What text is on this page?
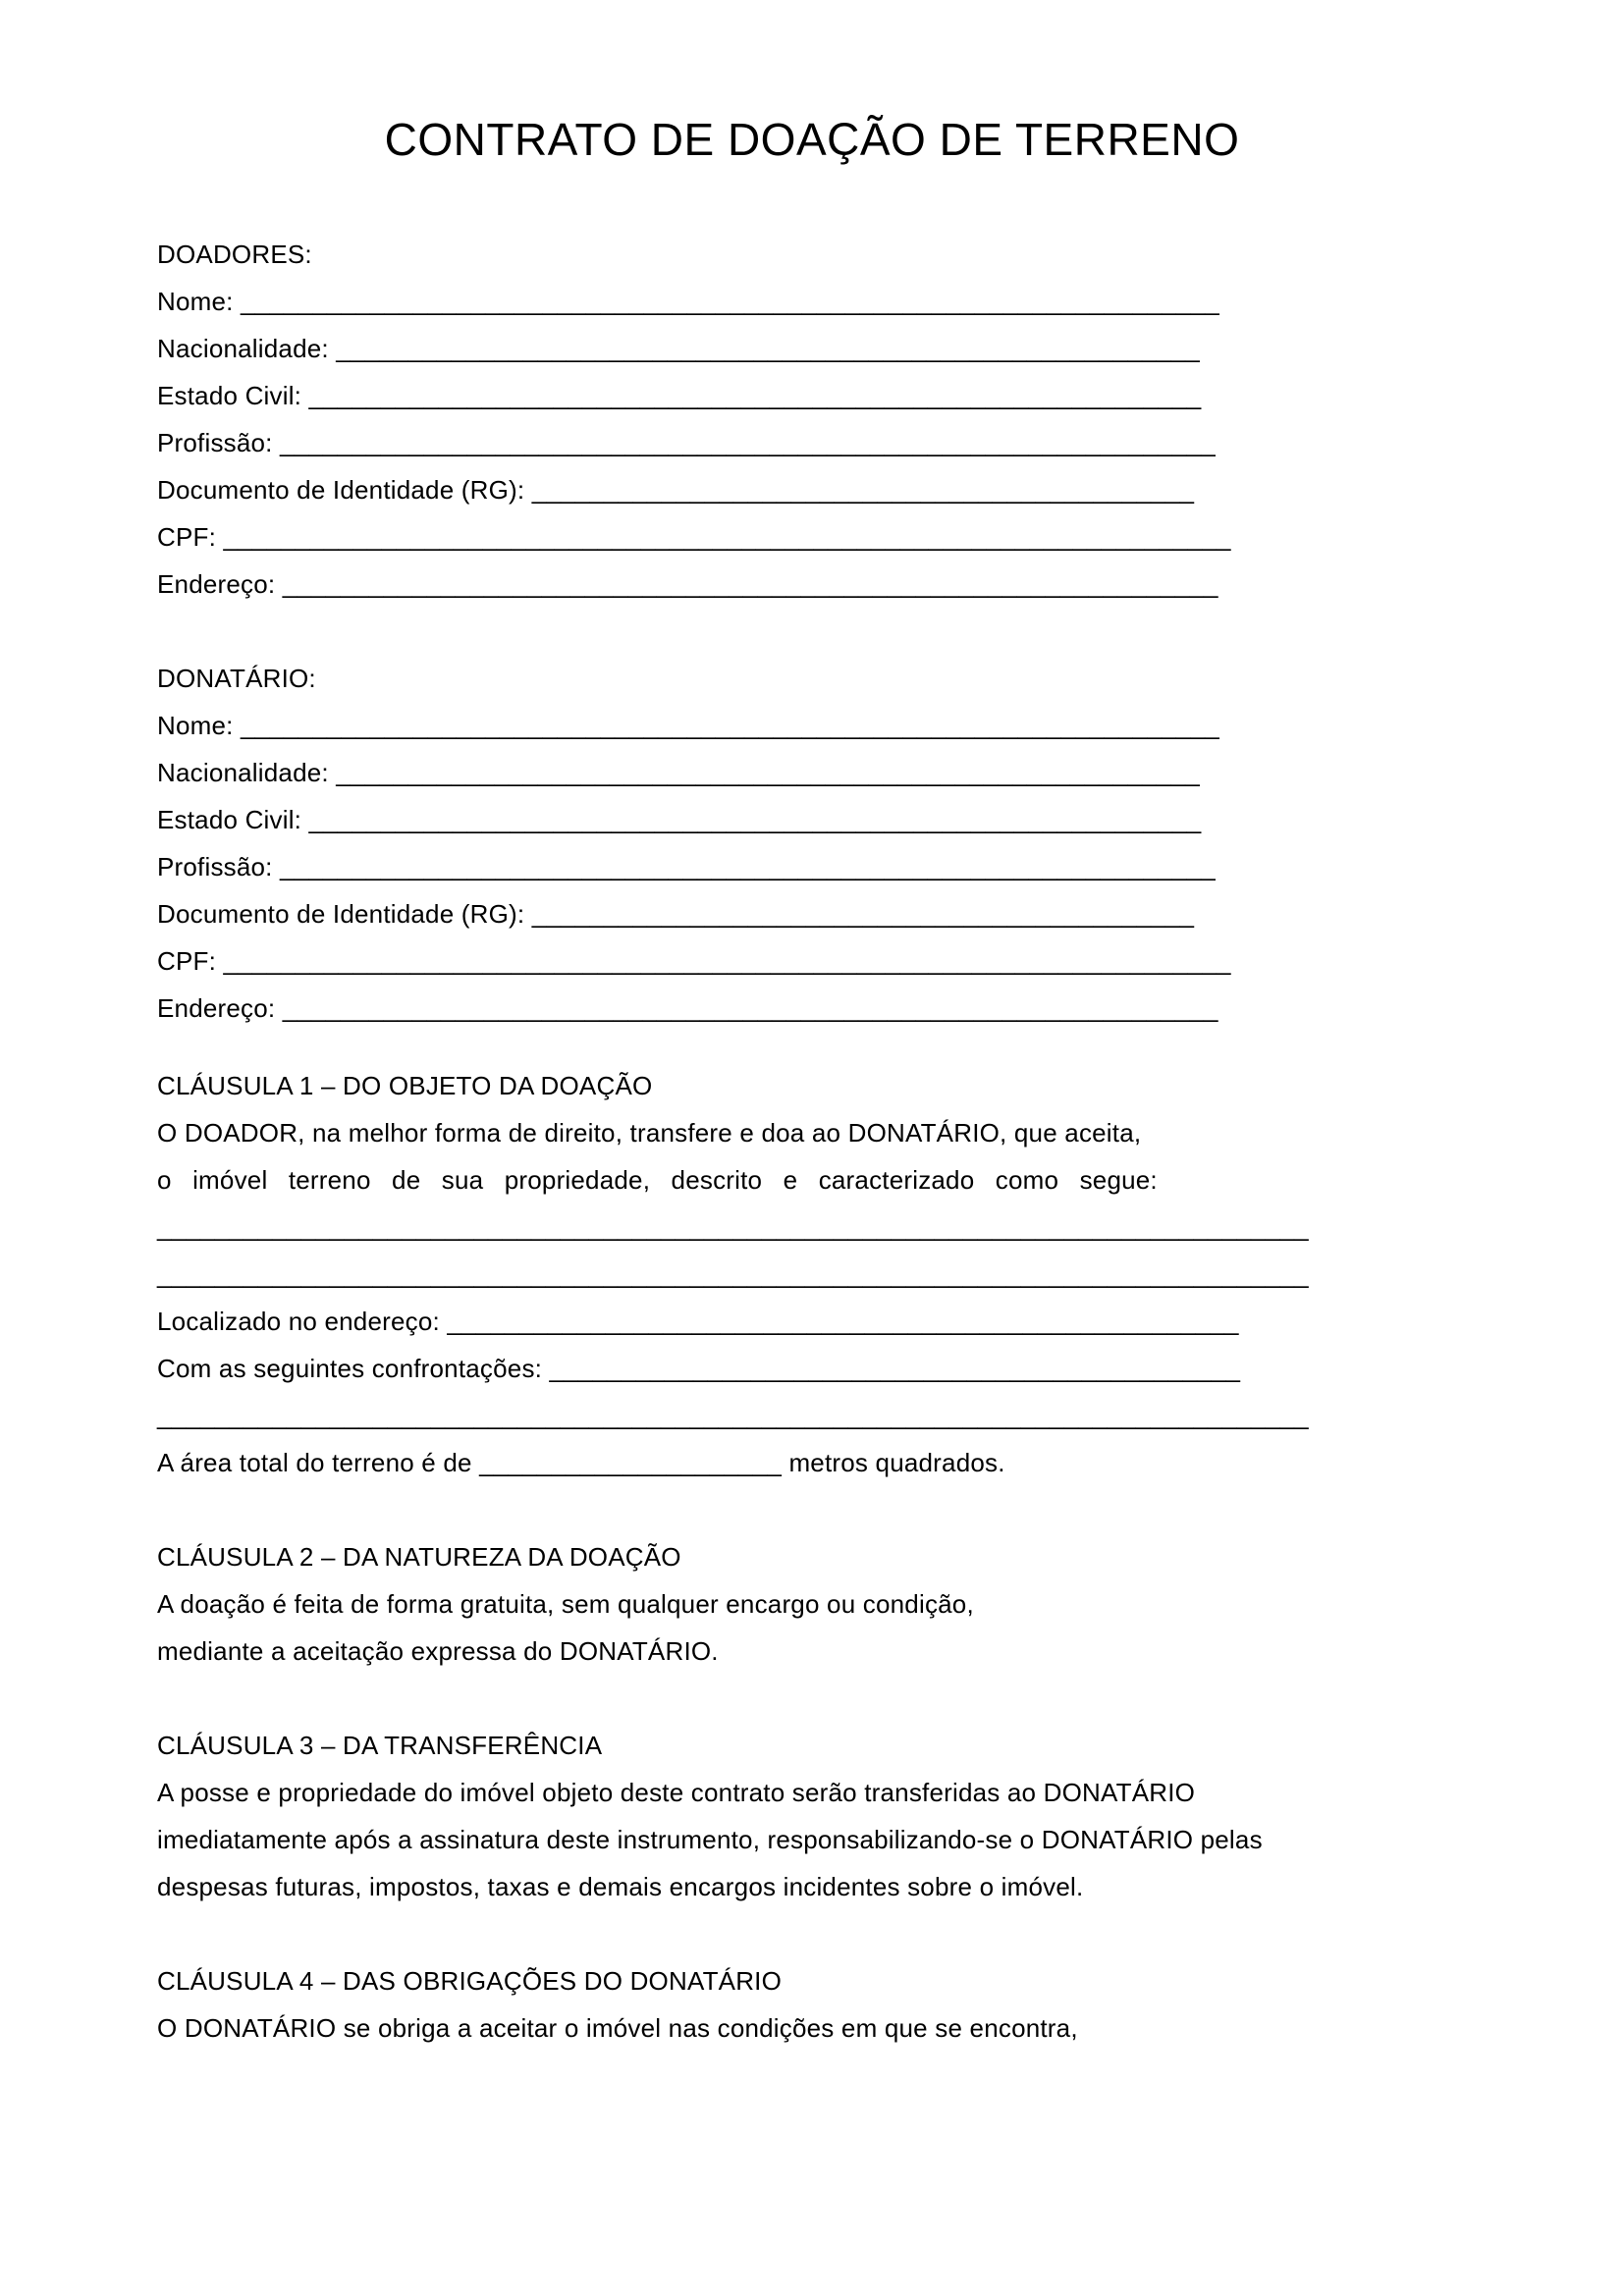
CONTRATO DE DOAÇÃO DE TERRENO
DOADORES:
Nome: ____________________________________________________________________
Nacionalidade: ____________________________________________________________
Estado Civil: ______________________________________________________________
Profissão: _________________________________________________________________
Documento de Identidade (RG): ______________________________________________
CPF: ______________________________________________________________________
Endereço: _________________________________________________________________
DONATÁRIO:
Nome: ____________________________________________________________________
Nacionalidade: ____________________________________________________________
Estado Civil: ______________________________________________________________
Profissão: _________________________________________________________________
Documento de Identidade (RG): ______________________________________________
CPF: ______________________________________________________________________
Endereço: _________________________________________________________________
CLÁUSULA 1 – DO OBJETO DA DOAÇÃO
O DOADOR, na melhor forma de direito, transfere e doa ao DONATÁRIO, que aceita,
o imóvel terreno de sua propriedade, descrito e caracterizado como segue:
________________________________________________________________________________
________________________________________________________________________________
Localizado no endereço: _______________________________________________________
Com as seguintes confrontações: ________________________________________________
________________________________________________________________________________
A área total do terreno é de _____________________ metros quadrados.
CLÁUSULA 2 – DA NATUREZA DA DOAÇÃO
A doação é feita de forma gratuita, sem qualquer encargo ou condição,
mediante a aceitação expressa do DONATÁRIO.
CLÁUSULA 3 – DA TRANSFERÊNCIA
A posse e propriedade do imóvel objeto deste contrato serão transferidas ao DONATÁRIO
imediatamente após a assinatura deste instrumento, responsabilizando-se o DONATÁRIO pelas
despesas futuras, impostos, taxas e demais encargos incidentes sobre o imóvel.
CLÁUSULA 4 – DAS OBRIGAÇÕES DO DONATÁRIO
O DONATÁRIO se obriga a aceitar o imóvel nas condições em que se encontra,
